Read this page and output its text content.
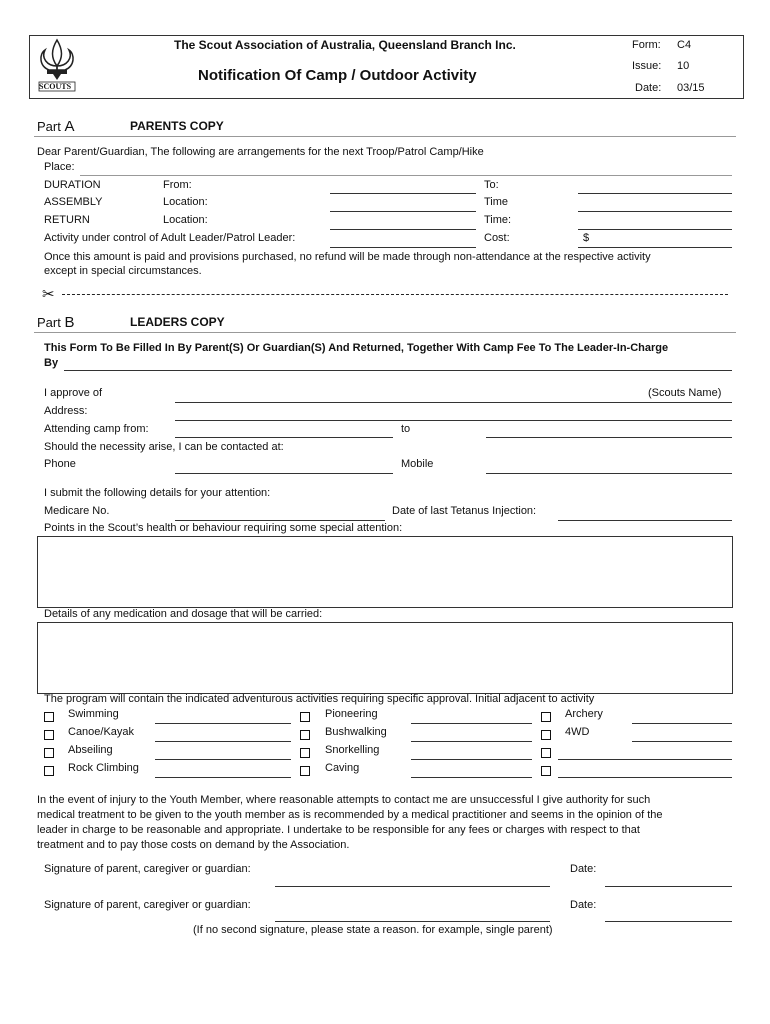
SCOUTS
The Scout Association of Australia, Queensland Branch Inc.
Notification Of Camp / Outdoor Activity
Form: C4
Issue: 10
Date: 03/15
Part A	PARENTS COPY
Dear Parent/Guardian, The following are arrangements for the next Troop/Patrol Camp/Hike
Place:
DURATION	From:	To:
ASSEMBLY	Location:	Time
RETURN	Location:	Time:
Activity under control of Adult Leader/Patrol Leader:	Cost:	$
Once this amount is paid and provisions purchased, no refund will be made through non-attendance at the respective activity
except in special circumstances.
✂
Part B	LEADERS COPY
This Form To Be Filled In By Parent(S) Or Guardian(S) And Returned, Together With Camp Fee To The Leader-In-Charge
By
I approve of	(Scouts Name)
Address:
Attending camp from:	to
Should the necessity arise, I can be contacted at:
Phone	Mobile
I submit the following details for your attention:
Medicare No.	Date of last Tetanus Injection:
Points in the Scout’s health or behaviour requiring some special attention:
Details of any medication and dosage that will be carried:
The program will contain the indicated adventurous activities requiring specific approval. Initial adjacent to activity
Swimming	Pioneering	Archery
Canoe/Kayak	Bushwalking	4WD
Abseiling	Snorkelling
Rock Climbing	Caving
In the event of injury to the Youth Member, where reasonable attempts to contact me are unsuccessful I give authority for such
medical treatment to be given to the youth member as is recommended by a medical practitioner and seems in the opinion of the
leader in charge to be reasonable and appropriate. I undertake to be responsible for any fees or charges with respect to that
treatment and to pay those costs on demand by the Association.
Signature of parent, caregiver or guardian:	Date:
Signature of parent, caregiver or guardian:	Date:
(If no second signature, please state a reason. for example, single parent)
